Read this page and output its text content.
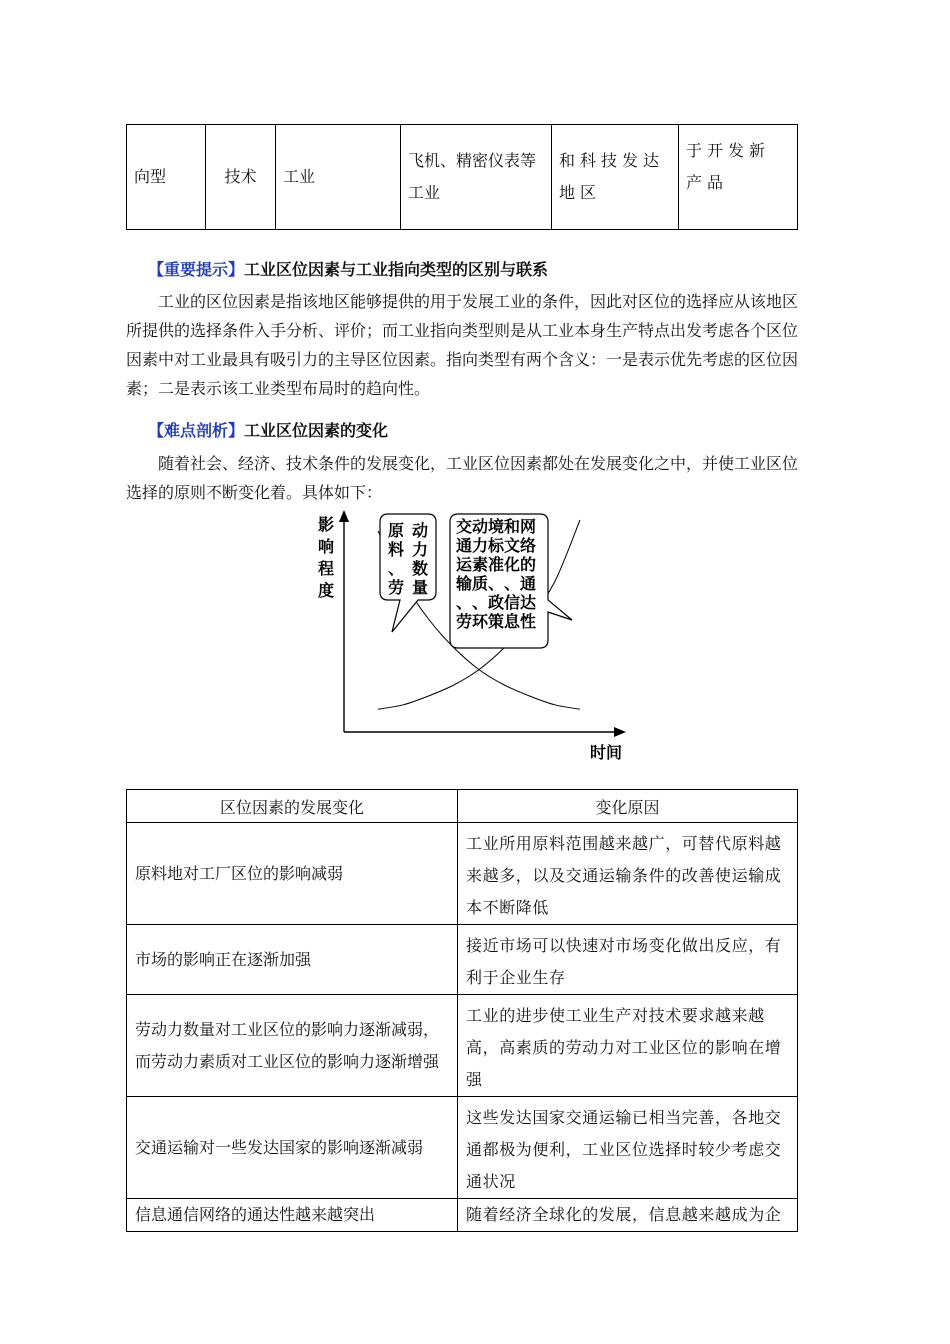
向型	技术	工业	飞机、精密仪表等工业	和科技发达地区	于开发新产品
【重要提示】工业区位因素与工业指向类型的区别与联系

工业的区位因素是指该地区能够提供的用于发展工业的条件，因此对区位的选择应从该地区所提供的选择条件入手分析、评价；而工业指向类型则是从工业本身生产特点出发考虑各个区位因素中对工业最具有吸引力的主导区位因素。指向类型有两个含义：一是表示优先考虑的区位因素；二是表示该工业类型布局时的趋向性。

【难点剖析】工业区位因素的变化

随着社会、经济、技术条件的发展变化，工业区位因素都处在发展变化之中，并使工业区位选择的原则不断变化着。具体如下：

影
响
程
度
时间
原
料
、
劳
动
力
数
量
交
通
运
输
、
劳
动
力
素
质
、
环
境
标
准
、
政
策
和
文
化
、
信
息
网
络
的
通
达
性
区位因素的发展变化	变化原因
原料地对工厂区位的影响减弱	工业所用原料范围越来越广，可替代原料越来越多，以及交通运输条件的改善使运输成本不断降低
市场的影响正在逐渐加强	接近市场可以快速对市场变化做出反应，有利于企业生存
劳动力数量对工业区位的影响力逐渐减弱，而劳动力素质对工业区位的影响力逐渐增强	工业的进步使工业生产对技术要求越来越高，高素质的劳动力对工业区位的影响在增强
交通运输对一些发达国家的影响逐渐减弱	这些发达国家交通运输已相当完善，各地交通都极为便利，工业区位选择时较少考虑交通状况
信息通信网络的通达性越来越突出	随着经济全球化的发展，信息越来越成为企
